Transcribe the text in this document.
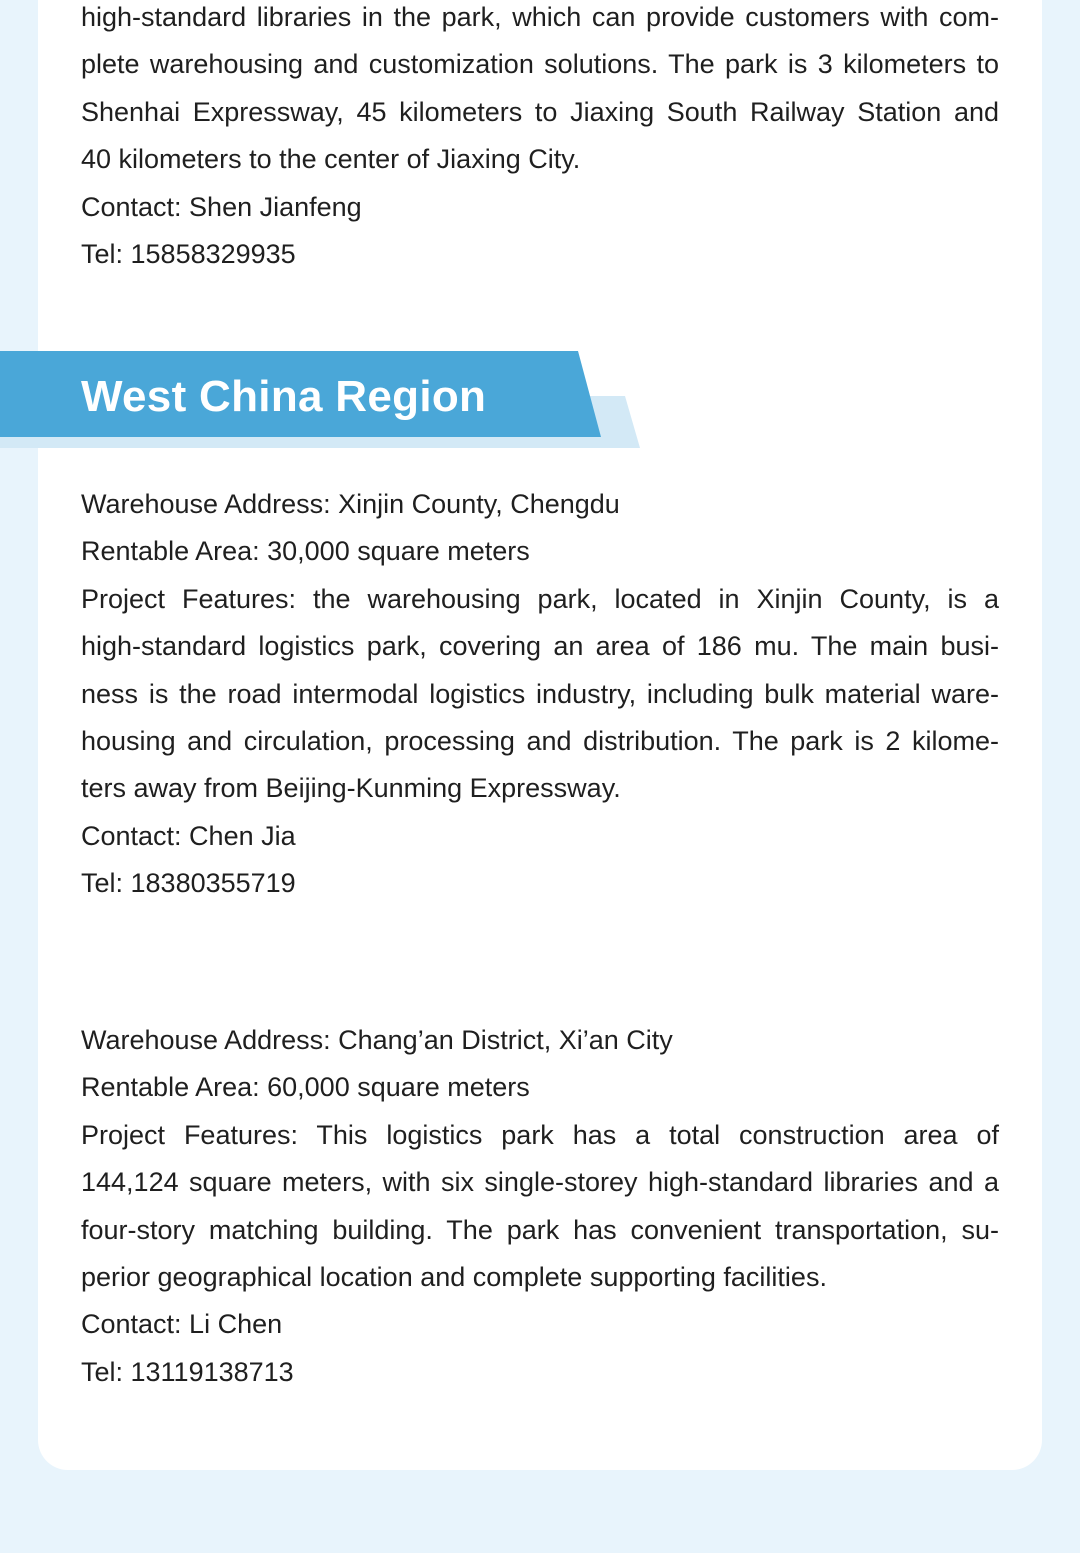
high-standard libraries in the park, which can provide customers with com-

plete warehousing and customization solutions. The park is 3 kilometers to

Shenhai Expressway, 45 kilometers to Jiaxing South Railway Station and

40 kilometers to the center of Jiaxing City.

Contact: Shen Jianfeng

Tel: 15858329935

West China Region

Warehouse Address: Xinjin County, Chengdu

Rentable Area: 30,000 square meters

Project Features: the warehousing park, located in Xinjin County, is a

high-standard logistics park, covering an area of 186 mu. The main busi-

ness is the road intermodal logistics industry, including bulk material ware-

housing and circulation, processing and distribution. The park is 2 kilome-

ters away from Beijing-Kunming Expressway.

Contact: Chen Jia

Tel: 18380355719

Warehouse Address: Chang’an District, Xi’an City

Rentable Area: 60,000 square meters

Project Features: This logistics park has a total construction area of

144,124 square meters, with six single-storey high-standard libraries and a

four-story matching building. The park has convenient transportation, su-

perior geographical location and complete supporting facilities.

Contact: Li Chen

Tel: 13119138713
